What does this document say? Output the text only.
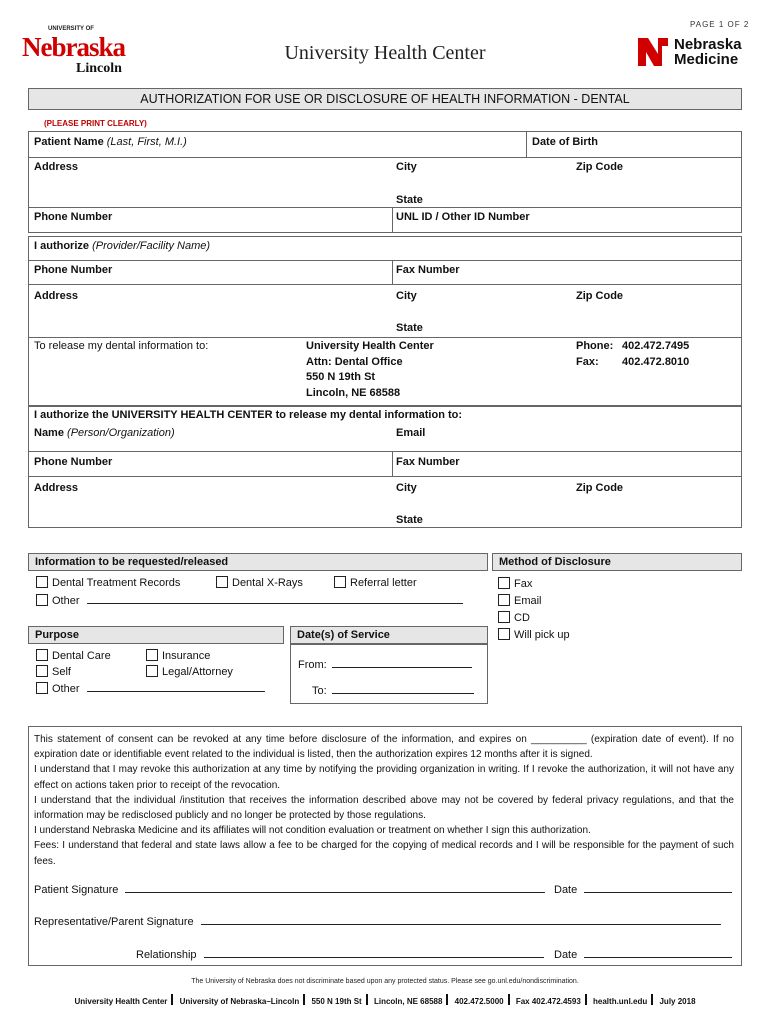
PAGE 1 OF 2
UNIVERSITY OF
Nebraska
Lincoln
University Health Center	Nebraska
Medicine
AUTHORIZATION FOR USE OR DISCLOSURE OF HEALTH INFORMATION - DENTAL
(PLEASE PRINT CLEARLY)
Patient Name (Last, First, M.I.)	Date of Birth
Address	City	Zip Code
State
Phone Number	UNL ID / Other ID Number
I authorize (Provider/Facility Name)
Phone Number	Fax Number
Address	City	Zip Code
State
To release my dental information to:	University Health Center
Attn: Dental Office
550 N 19th St
Lincoln, NE 68588
Phone: 402.472.7495
Fax: 402.472.8010
I authorize the UNIVERSITY HEALTH CENTER to release my dental information to:
Name (Person/Organization)	Email
Phone Number	Fax Number
Address	City	Zip Code
State
Information to be requested/released
Dental Treatment Records	Dental X-Rays	Referral letter
Other
Method of Disclosure
Fax
Email
CD
Will pick up
Purpose
Dental Care	Insurance
Self	Legal/Attorney
Other
Date(s) of Service
From:
To:
This statement of consent can be revoked at any time before disclosure of the information, and expires on __________ (expiration date of event). If no expiration date or identifiable event related to the individual is listed, then the authorization expires 12 months after it is signed.
I understand that I may revoke this authorization at any time by notifying the providing organization in writing. If I revoke the authorization, it will not have any effect on actions taken prior to receipt of the revocation.
I understand that the individual /institution that receives the information described above may not be covered by federal privacy regulations, and that the information may be redisclosed publicly and no longer be protected by those regulations.
I understand Nebraska Medicine and its affiliates will not condition evaluation or treatment on whether I sign this authorization.
Fees: I understand that federal and state laws allow a fee to be charged for the copying of medical records and I will be responsible for the payment of such fees.
Patient Signature	Date
Representative/Parent Signature
Relationship	Date
The University of Nebraska does not discriminate based upon any protected status. Please see go.unl.edu/nondiscrimination.
University Health Center University of Nebraska–Lincoln 550 N 19th St Lincoln, NE 68588 402.472.5000 Fax 402.472.4593 health.unl.edu July 2018
